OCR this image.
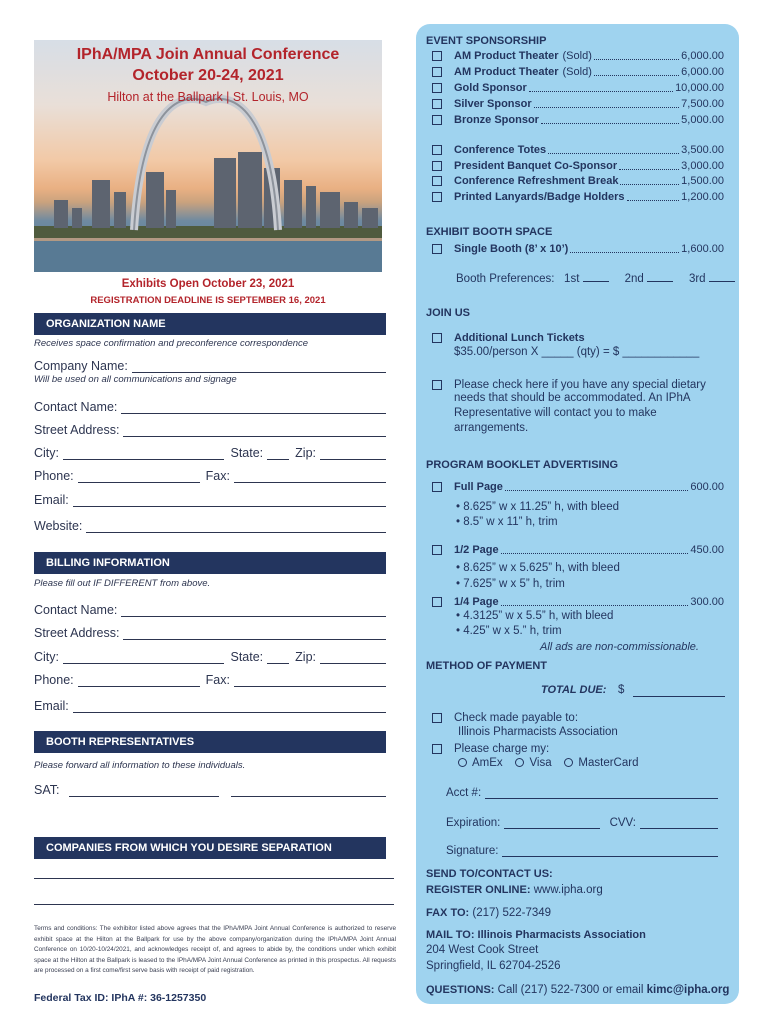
IPhA/MPA Join Annual Conference
October 20-24, 2021
Hilton at the Ballpark | St. Louis, MO
Exhibits Open October 23, 2021
REGISTRATION DEADLINE IS SEPTEMBER 16, 2021
ORGANIZATION NAME
Receives space confirmation and preconference correspondence
Company Name:
Will be used on all communications and signage
Contact Name:
Street Address:
City:	State:	Zip:
Phone:	Fax:
Email:
Website:
BILLING INFORMATION
Please fill out IF DIFFERENT from above.
Contact Name:
Street Address:
City:	State:	Zip:
Phone:	Fax:
Email:
BOOTH REPRESENTATIVES
Please forward all information to these individuals.
SAT:
COMPANIES FROM WHICH YOU DESIRE SEPARATION
Terms and conditions: The exhibitor listed above agrees that the IPhA/MPA Joint Annual Conference is authorized to reserve exhibit space at the Hilton at the Ballpark for use by the above company/organization during the IPhA/MPA Joint Annual Conference on 10/20-10/24/2021, and acknowledges receipt of, and agrees to abide by, the conditions under which exhibit space at the Hilton at the Ballpark is leased to the IPhA/MPA Joint Annual Conference as printed in this prospectus. All requests are processed on a first come/first serve basis with receipt of paid registration.
Federal Tax ID: IPhA #: 36-1257350
EVENT SPONSORSHIP
AM Product Theater (Sold)	6,000.00
AM Product Theater (Sold)	6,000.00
Gold Sponsor	10,000.00
Silver Sponsor	7,500.00
Bronze Sponsor	5,000.00
Conference Totes	3,500.00
President Banquet Co-Sponsor	3,000.00
Conference Refreshment Break	1,500.00
Printed Lanyards/Badge Holders	1,200.00
EXHIBIT BOOTH SPACE
Single Booth (8’ x 10’)	1,600.00
Booth Preferences: 1st	2nd	3rd
JOIN US
Additional Lunch Tickets
$35.00/person X _____ (qty) = $ ____________
Please check here if you have any special dietary
needs that should be accommodated. An IPhA
Representative will contact you to make
arrangements.
PROGRAM BOOKLET ADVERTISING
Full Page	600.00
• 8.625” w x 11.25” h, with bleed
• 8.5” w x 11” h, trim
1/2 Page	450.00
• 8.625” w x 5.625” h, with bleed
• 7.625” w x 5” h, trim
1/4 Page	300.00
• 4.3125” w x 5.5” h, with bleed
• 4.25” w x 5.” h, trim
All ads are non-commissionable.
METHOD OF PAYMENT
TOTAL DUE: $
Check made payable to:
Illinois Pharmacists Association
Please charge my:
AmEx Visa MasterCard
Acct #:
Expiration:	CVV:
Signature:
SEND TO/CONTACT US:
REGISTER ONLINE: www.ipha.org
FAX TO: (217) 522-7349
MAIL TO: Illinois Pharmacists Association
204 West Cook Street
Springfield, IL 62704-2526
QUESTIONS: Call (217) 522-7300 or email kimc@ipha.org
